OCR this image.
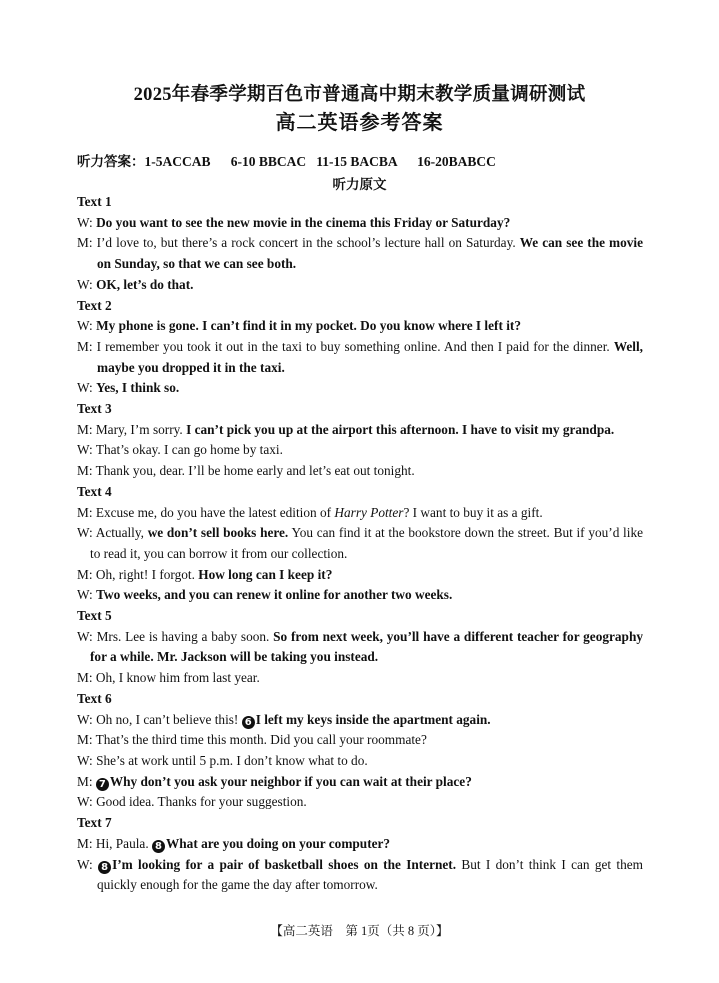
2025年春季学期百色市普通高中期末教学质量调研测试
高二英语参考答案
听力答案：1-5ACCAB 6-10 BBCAC 11-15 BACBA 16-20BABCC
听力原文
Text 1
W: Do you want to see the new movie in the cinema this Friday or Saturday?
M: I’d love to, but there’s a rock concert in the school’s lecture hall on Saturday. We can see the movie on Sunday, so that we can see both.
W: OK, let’s do that.
Text 2
W: My phone is gone. I can’t find it in my pocket. Do you know where I left it?
M: I remember you took it out in the taxi to buy something online. And then I paid for the dinner. Well, maybe you dropped it in the taxi.
W: Yes, I think so.
Text 3
M: Mary, I’m sorry. I can’t pick you up at the airport this afternoon. I have to visit my grandpa.
W: That’s okay. I can go home by taxi.
M: Thank you, dear. I’ll be home early and let’s eat out tonight.
Text 4
M: Excuse me, do you have the latest edition of Harry Potter? I want to buy it as a gift.
W: Actually, we don’t sell books here. You can find it at the bookstore down the street. But if you’d like to read it, you can borrow it from our collection.
M: Oh, right! I forgot. How long can I keep it?
W: Two weeks, and you can renew it online for another two weeks.
Text 5
W: Mrs. Lee is having a baby soon. So from next week, you’ll have a different teacher for geography for a while. Mr. Jackson will be taking you instead.
M: Oh, I know him from last year.
Text 6
W: Oh no, I can’t believe this! 6 I left my keys inside the apartment again.
M: That’s the third time this month. Did you call your roommate?
W: She’s at work until 5 p.m. I don’t know what to do.
M: 7 Why don’t you ask your neighbor if you can wait at their place?
W: Good idea. Thanks for your suggestion.
Text 7
M: Hi, Paula. 8 What are you doing on your computer?
W: 8 I’m looking for a pair of basketball shoes on the Internet. But I don’t think I can get them quickly enough for the game the day after tomorrow.
【高二英语　第 1页（共 8 页）】
